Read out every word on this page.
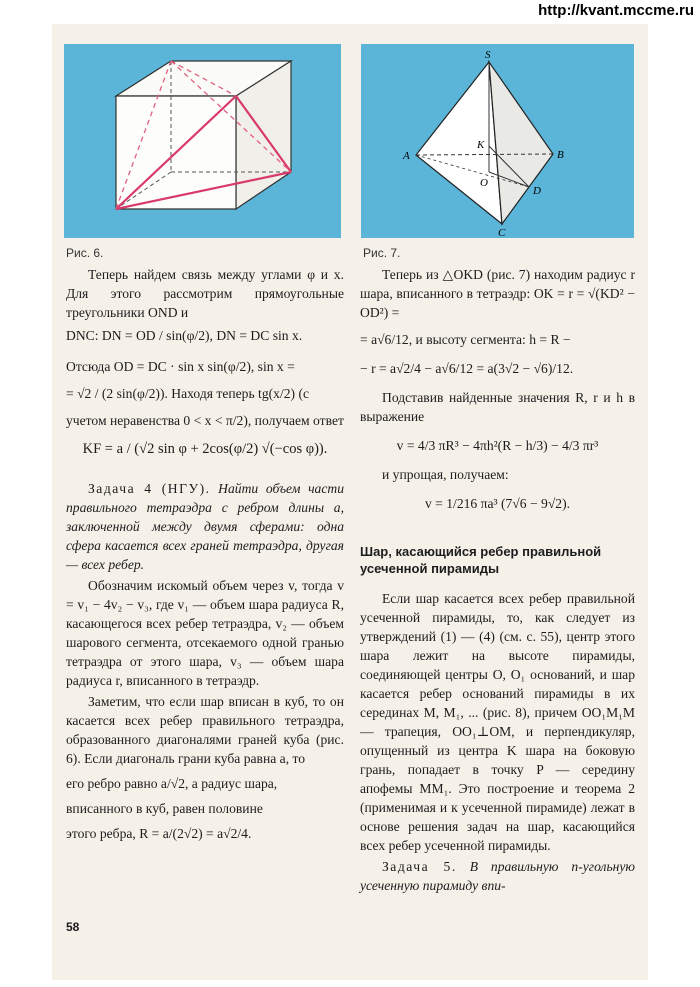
http://kvant.mccme.ru
Рис. 6.
S
A	B
C
D
K
O
Рис. 7.

Теперь найдем связь между углами φ и x. Для этого рассмотрим прямоугольные треугольники OND и

DNC: DN = OD / sin(φ/2), DN = DC sin x.
Отсюда OD = DC · sin x sin(φ/2), sin x =
= √2 / (2 sin(φ/2)). Находя теперь tg(x/2) (с
учетом неравенства 0 < x < π/2), получаем ответ
KF = a / (√2 sin φ + 2cos(φ/2) √(−cos φ)).

Задача 4 (НГУ). Найти объем части правильного тетраэдра с ребром длины a, заключенной между двумя сферами: одна сфера касается всех граней тетраэдра, другая — всех ребер.

Обозначим искомый объем через v, тогда v = v₁ − 4v₂ − v₃, где v₁ — объем шара радиуса R, касающегося всех ребер тетраэдра, v₂ — объем шарового сегмента, отсекаемого одной гранью тетраэдра от этого шара, v₃ — объем шара радиуса r, вписанного в тетраэдр.

Заметим, что если шар вписан в куб, то он касается всех ребер правильного тетраэдра, образованного диагоналями граней куба (рис. 6). Если диагональ грани куба равна a, то

его ребро равно a/√2, а радиус шара,
вписанного в куб, равен половине
этого ребра, R = a/(2√2) = a√2/4.

Теперь из △OKD (рис. 7) находим радиус r шара, вписанного в тетраэдр: OK = r = √(KD² − OD²) =

= a√6/12, и высоту сегмента: h = R −
− r = a√2/4 − a√6/12 = a(3√2 − √6)/12.

Подставив найденные значения R, r и h в выражение

v = 4/3 πR³ − 4πh²(R − h/3) − 4/3 πr³
и упрощая, получаем:
v = 1/216 πa³ (7√6 − 9√2).

Шар, касающийся ребер правильной усеченной пирамиды

Если шар касается всех ребер правильной усеченной пирамиды, то, как следует из утверждений (1) — (4) (см. с. 55), центр этого шара лежит на высоте пирамиды, соединяющей центры O, O₁ оснований, и шар касается ребер оснований пирамиды в их серединах M, M₁, ... (рис. 8), причем OO₁M₁M — трапеция, OO₁⊥OM, и перпендикуляр, опущенный из центра K шара на боковую грань, попадает в точку P — середину апофемы MM₁. Это построение и теорема 2 (применимая и к усеченной пирамиде) лежат в основе решения задач на шар, касающийся всех ребер усеченной пирамиды.

Задача 5. В правильную n-угольную усеченную пирамиду впи-

58
